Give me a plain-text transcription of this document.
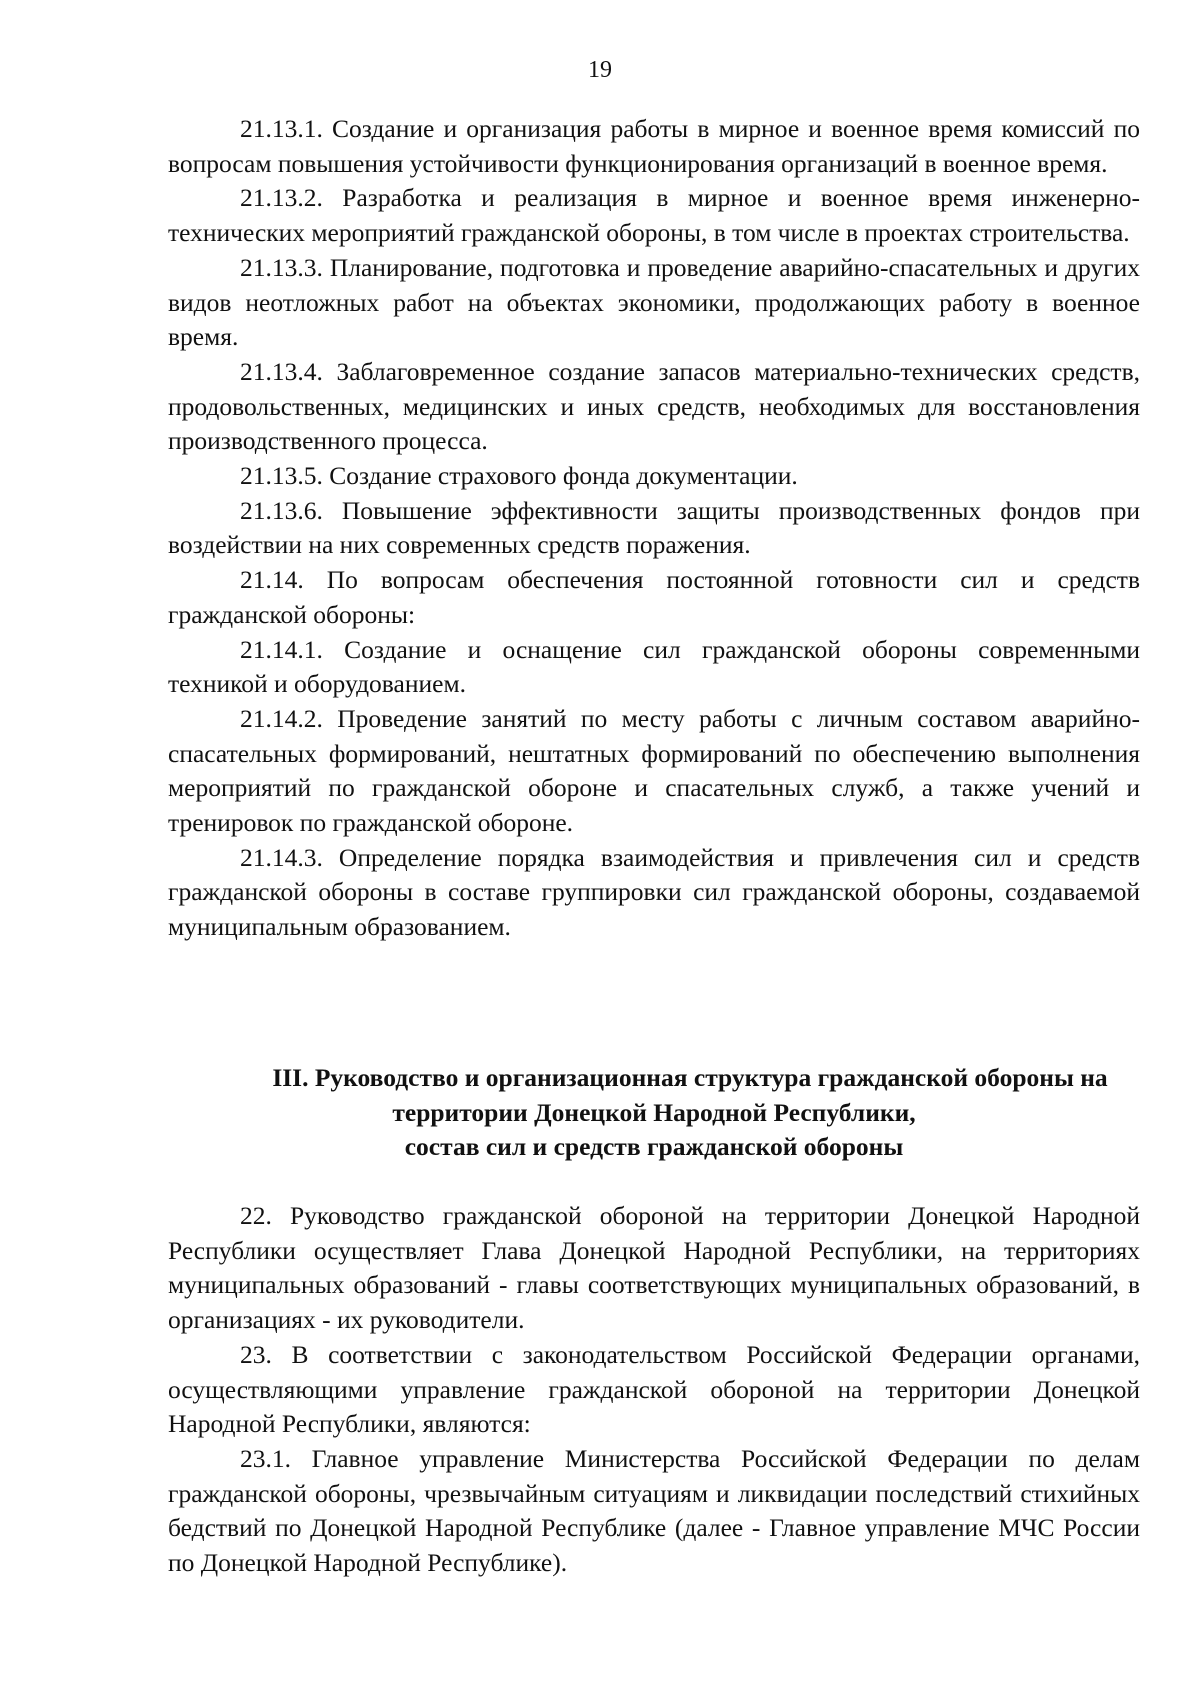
19

21.13.1. Создание и организация работы в мирное и военное время комиссий по вопросам повышения устойчивости функционирования организаций в военное время.

21.13.2. Разработка и реализация в мирное и военное время инженерно-технических мероприятий гражданской обороны, в том числе в проектах строительства.

21.13.3. Планирование, подготовка и проведение аварийно-спасательных и других видов неотложных работ на объектах экономики, продолжающих работу в военное время.

21.13.4. Заблаговременное создание запасов материально-технических средств, продовольственных, медицинских и иных средств, необходимых для восстановления производственного процесса.

21.13.5. Создание страхового фонда документации.

21.13.6. Повышение эффективности защиты производственных фондов при воздействии на них современных средств поражения.

21.14. По вопросам обеспечения постоянной готовности сил и средств гражданской обороны:

21.14.1. Создание и оснащение сил гражданской обороны современными техникой и оборудованием.

21.14.2. Проведение занятий по месту работы с личным составом аварийно-спасательных формирований, нештатных формирований по обеспечению выполнения мероприятий по гражданской обороне и спасательных служб, а также учений и тренировок по гражданской обороне.

21.14.3. Определение порядка взаимодействия и привлечения сил и средств гражданской обороны в составе группировки сил гражданской обороны, создаваемой муниципальным образованием.

III. Руководство и организационная структура гражданской обороны на
территории Донецкой Народной Республики,
состав сил и средств гражданской обороны

22. Руководство гражданской обороной на территории Донецкой Народной Республики осуществляет Глава Донецкой Народной Республики, на территориях муниципальных образований - главы соответствующих муниципальных образований, в организациях - их руководители.

23. В соответствии с законодательством Российской Федерации органами, осуществляющими управление гражданской обороной на территории Донецкой Народной Республики, являются:

23.1. Главное управление Министерства Российской Федерации по делам гражданской обороны, чрезвычайным ситуациям и ликвидации последствий стихийных бедствий по Донецкой Народной Республике (далее - Главное управление МЧС России по Донецкой Народной Республике).
